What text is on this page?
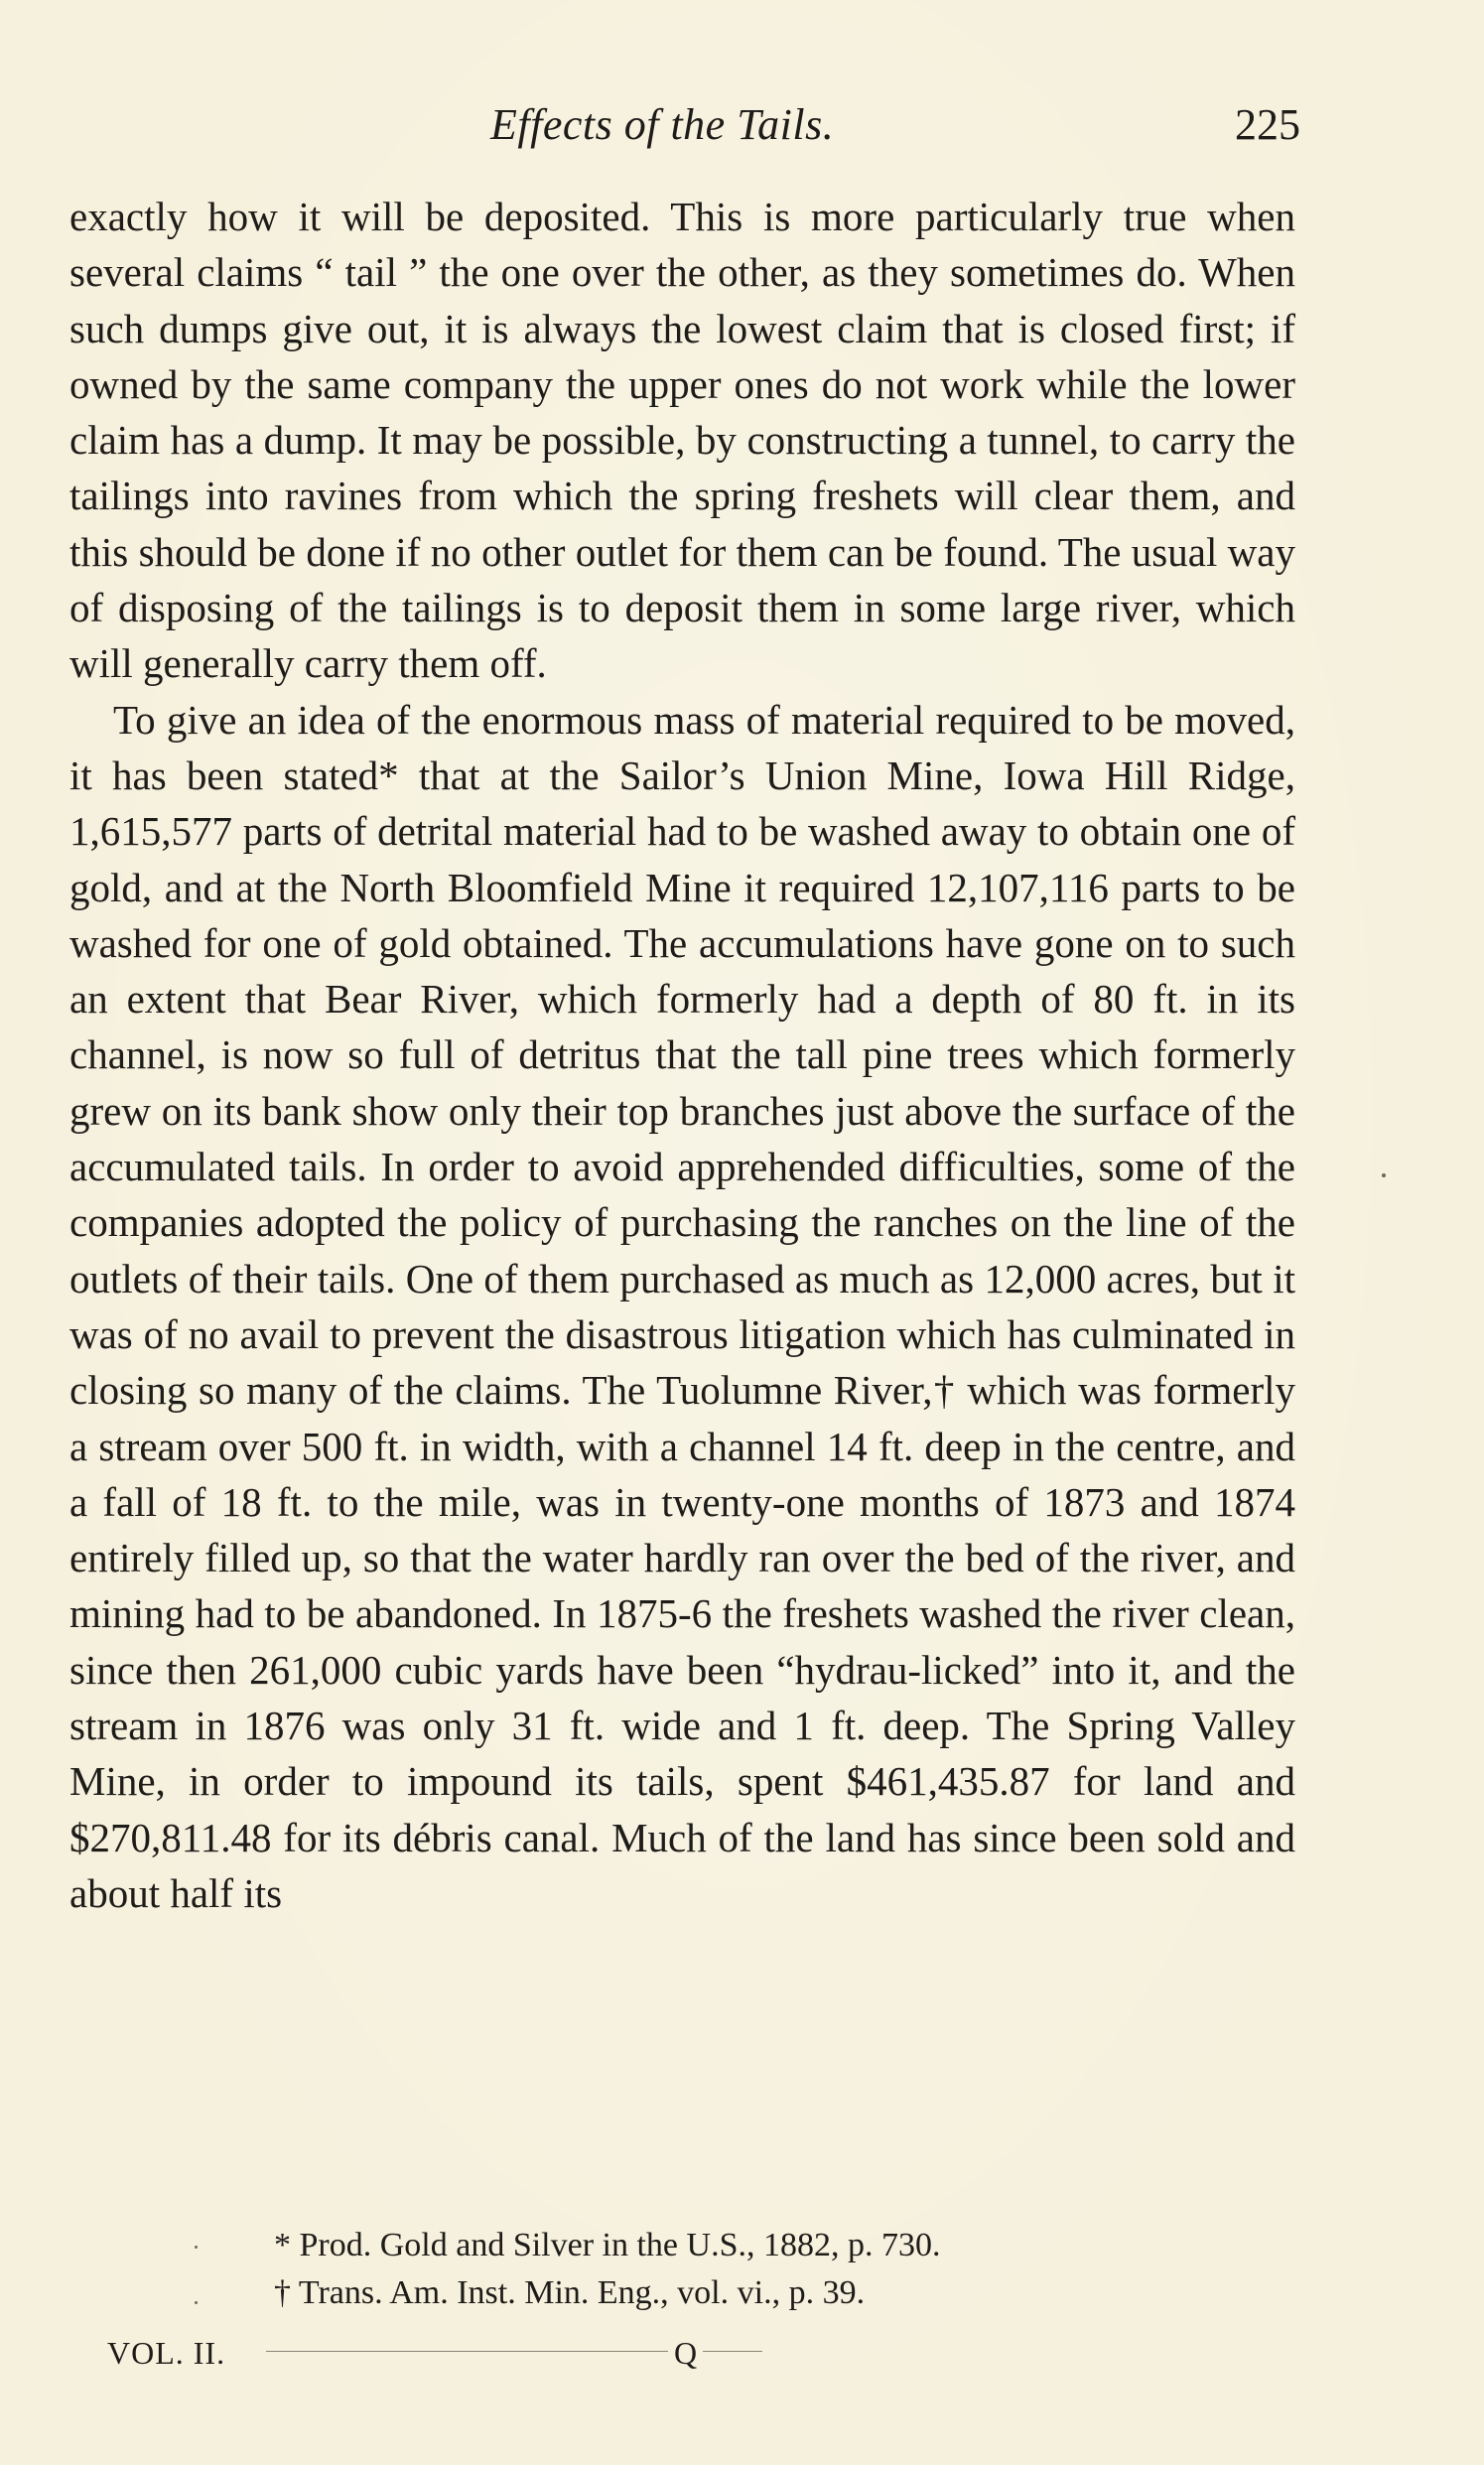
Effects of the Tails.	225

exactly how it will be deposited. This is more particularly true when several claims “ tail ” the one over the other, as they sometimes do. When such dumps give out, it is always the lowest claim that is closed first; if owned by the same company the upper ones do not work while the lower claim has a dump. It may be possible, by constructing a tunnel, to carry the tailings into ravines from which the spring freshets will clear them, and this should be done if no other outlet for them can be found. The usual way of disposing of the tailings is to deposit them in some large river, which will generally carry them off.

To give an idea of the enormous mass of material required to be moved, it has been stated* that at the Sailor’s Union Mine, Iowa Hill Ridge, 1,615,577 parts of detrital material had to be washed away to obtain one of gold, and at the North Bloomfield Mine it required 12,107,116 parts to be washed for one of gold obtained. The accumulations have gone on to such an extent that Bear River, which formerly had a depth of 80 ft. in its channel, is now so full of detritus that the tall pine trees which formerly grew on its bank show only their top branches just above the surface of the accumulated tails. In order to avoid apprehended difficulties, some of the companies adopted the policy of purchasing the ranches on the line of the outlets of their tails. One of them purchased as much as 12,000 acres, but it was of no avail to prevent the disastrous litigation which has culminated in closing so many of the claims. The Tuolumne River,† which was formerly a stream over 500 ft. in width, with a channel 14 ft. deep in the centre, and a fall of 18 ft. to the mile, was in twenty-one months of 1873 and 1874 entirely filled up, so that the water hardly ran over the bed of the river, and mining had to be abandoned. In 1875-6 the freshets washed the river clean, since then 261,000 cubic yards have been “hydrau-licked” into it, and the stream in 1876 was only 31 ft. wide and 1 ft. deep. The Spring Valley Mine, in order to impound its tails, spent $461,435.87 for land and $270,811.48 for its débris canal. Much of the land has since been sold and about half its

* Prod. Gold and Silver in the U.S., 1882, p. 730.
† Trans. Am. Inst. Min. Eng., vol. vi., p. 39.
VOL. II.	Q
